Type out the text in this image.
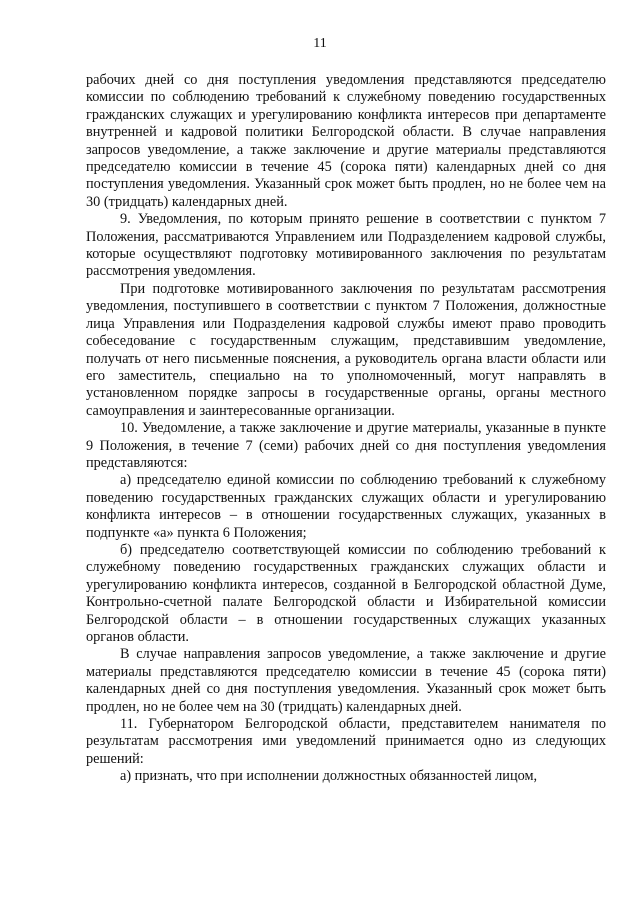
11

рабочих дней со дня поступления уведомления представляются председателю комиссии по соблюдению требований к служебному поведению государственных гражданских служащих и урегулированию конфликта интересов при департаменте внутренней и кадровой политики Белгородской области. В случае направления запросов уведомление, а также заключение и другие материалы представляются председателю комиссии в течение 45 (сорока пяти) календарных дней со дня поступления уведомления. Указанный срок может быть продлен, но не более чем на 30 (тридцать) календарных дней.

9. Уведомления, по которым принято решение в соответствии с пунктом 7 Положения, рассматриваются Управлением или Подразделением кадровой службы, которые осуществляют подготовку мотивированного заключения по результатам рассмотрения уведомления.

При подготовке мотивированного заключения по результатам рассмотрения уведомления, поступившего в соответствии с пунктом 7 Положения, должностные лица Управления или Подразделения кадровой службы имеют право проводить собеседование с государственным служащим, представившим уведомление, получать от него письменные пояснения, а руководитель органа власти области или его заместитель, специально на то уполномоченный, могут направлять в установленном порядке запросы в государственные органы, органы местного самоуправления и заинтересованные организации.

10. Уведомление, а также заключение и другие материалы, указанные в пункте 9 Положения, в течение 7 (семи) рабочих дней со дня поступления уведомления представляются:

а) председателю единой комиссии по соблюдению требований к служебному поведению государственных гражданских служащих области и урегулированию конфликта интересов – в отношении государственных служащих, указанных в подпункте «а» пункта 6 Положения;

б) председателю соответствующей комиссии по соблюдению требований к служебному поведению государственных гражданских служащих области и урегулированию конфликта интересов, созданной в Белгородской областной Думе, Контрольно-счетной палате Белгородской области и Избирательной комиссии Белгородской области – в отношении государственных служащих указанных органов области.

В случае направления запросов уведомление, а также заключение и другие материалы представляются председателю комиссии в течение 45 (сорока пяти) календарных дней со дня поступления уведомления. Указанный срок может быть продлен, но не более чем на 30 (тридцать) календарных дней.

11. Губернатором Белгородской области, представителем нанимателя по результатам рассмотрения ими уведомлений принимается одно из следующих решений:

а) признать, что при исполнении должностных обязанностей лицом,
